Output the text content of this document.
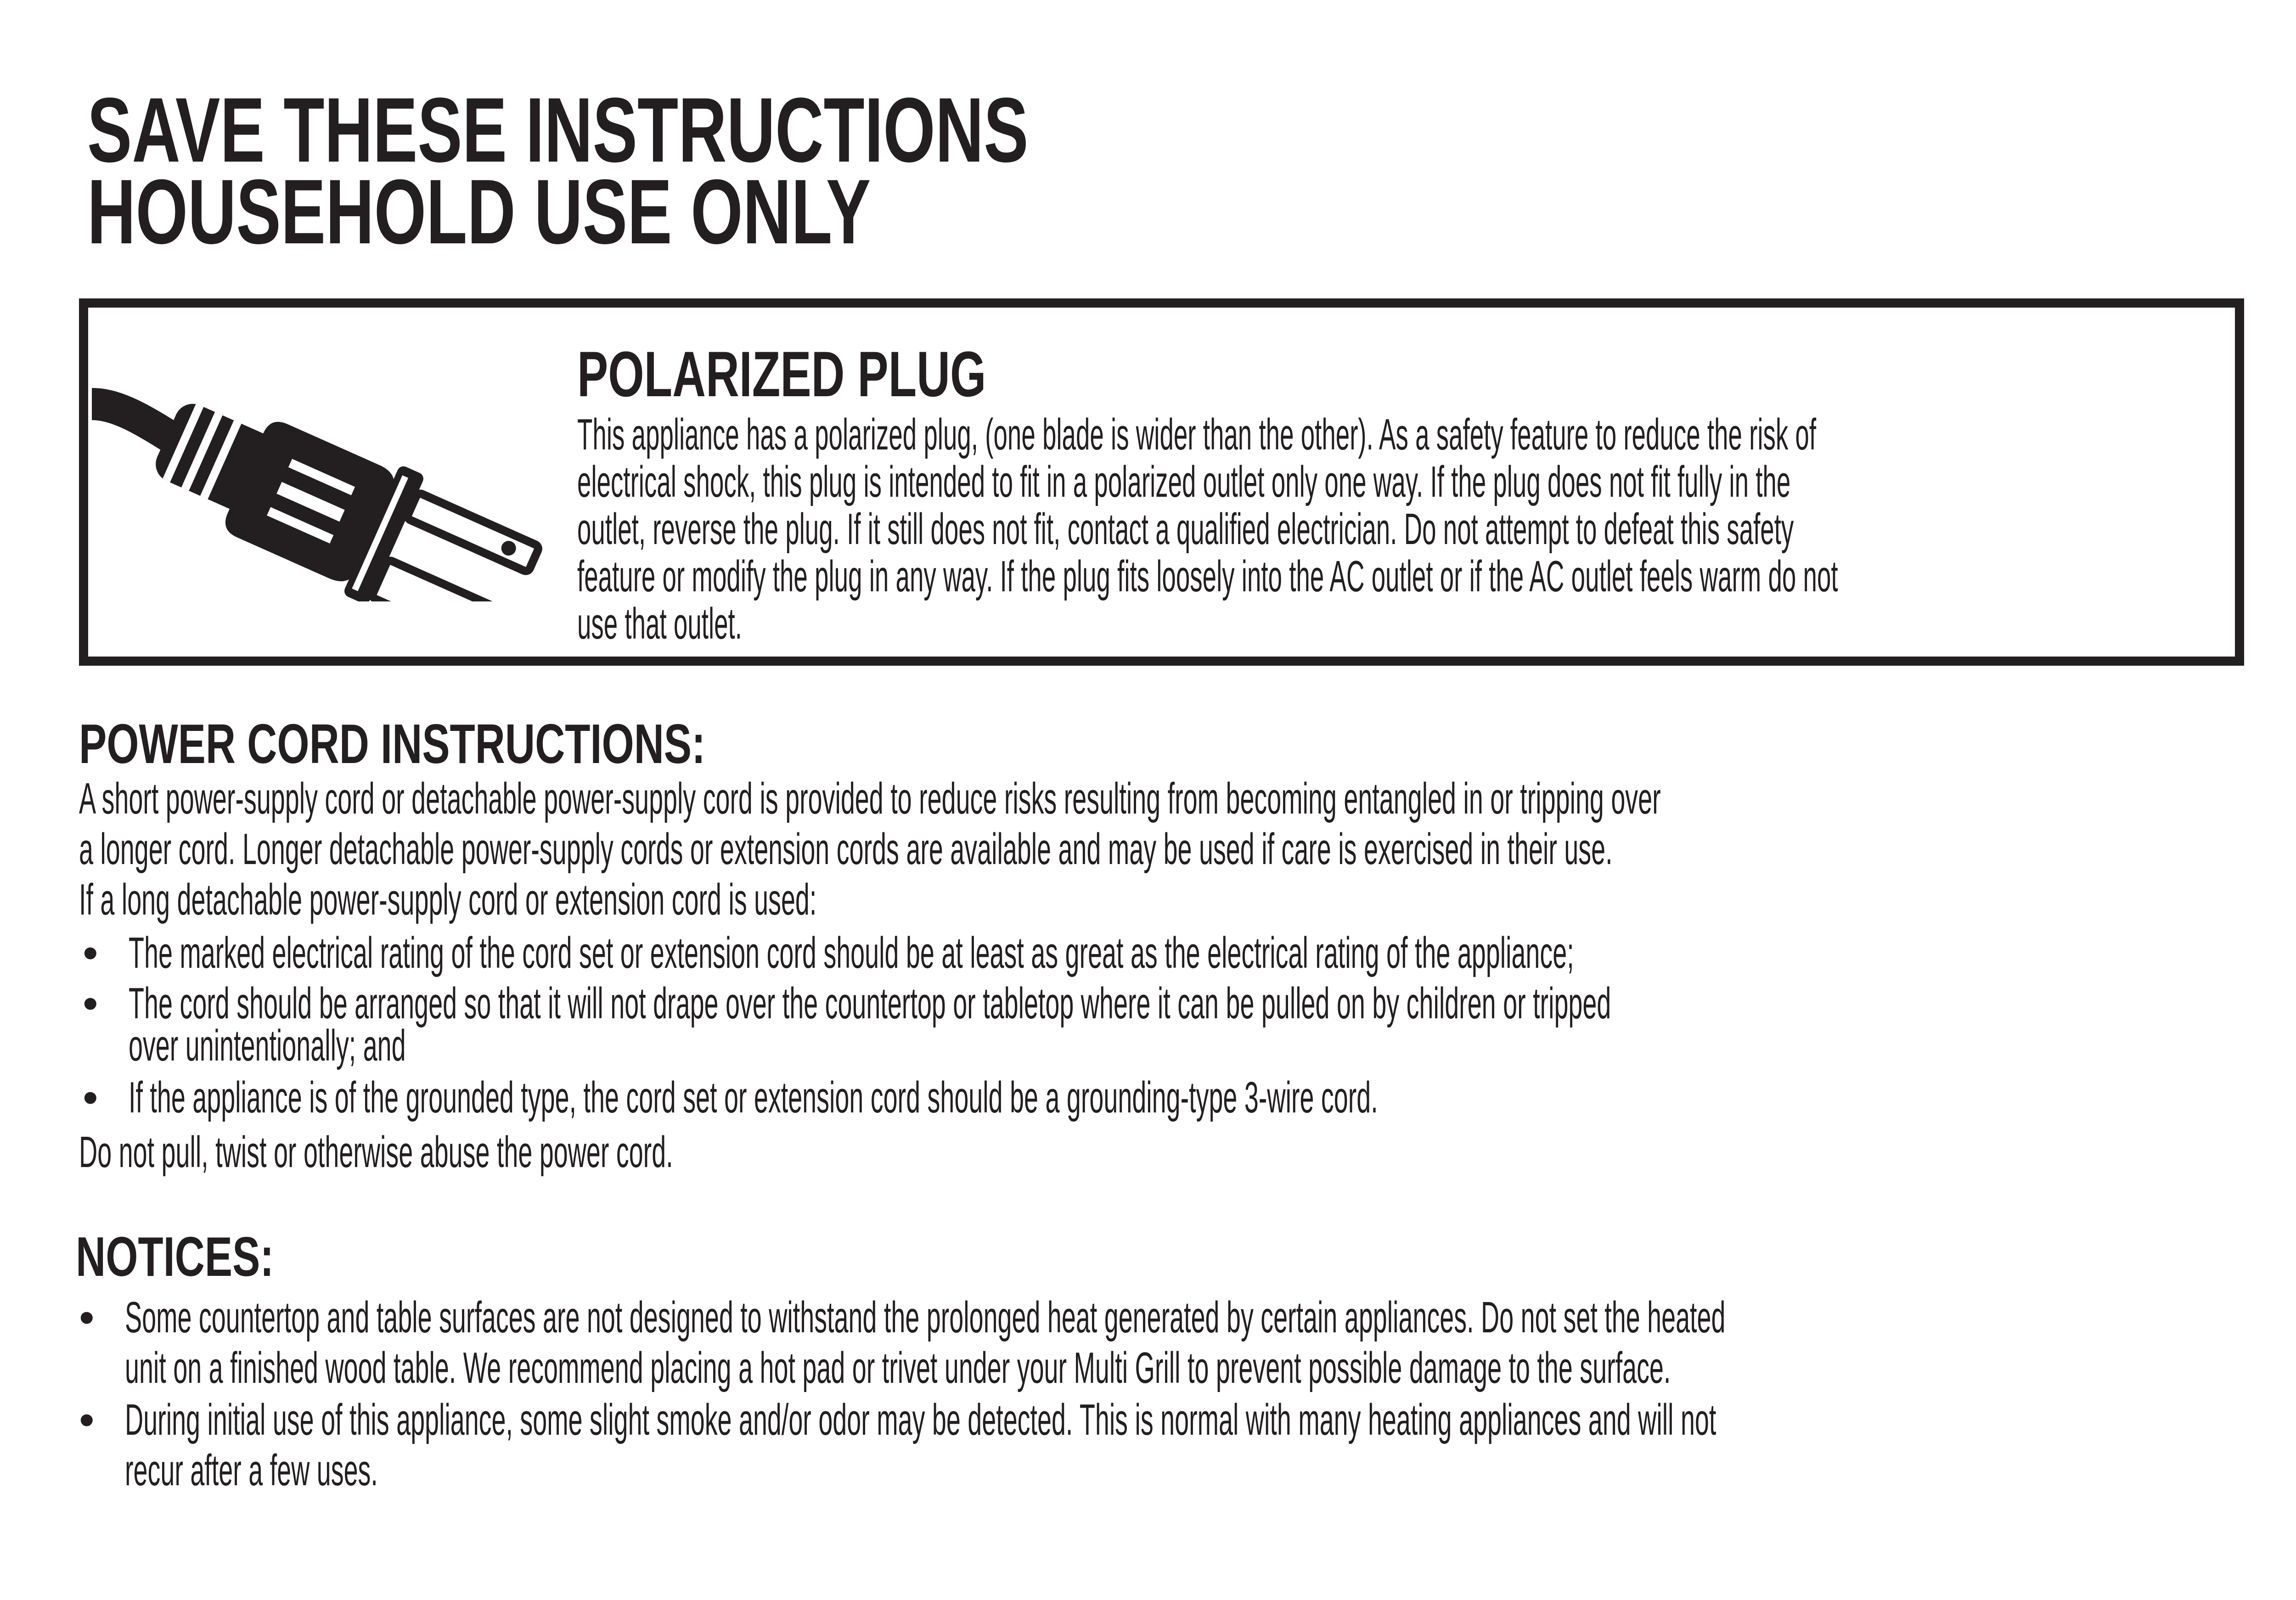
SAVE THESE INSTRUCTIONS
HOUSEHOLD USE ONLY
POLARIZED PLUG
This appliance has a polarized plug, (one blade is wider than the other). As a safety feature to reduce the risk of
electrical shock, this plug is intended to fit in a polarized outlet only one way. If the plug does not fit fully in the
outlet, reverse the plug. If it still does not fit, contact a qualified electrician. Do not attempt to defeat this safety
feature or modify the plug in any way. If the plug fits loosely into the AC outlet or if the AC outlet feels warm do not
use that outlet.
POWER CORD INSTRUCTIONS:

A short power-supply cord or detachable power-supply cord is provided to reduce risks resulting from becoming entangled in or tripping over

a longer cord. Longer detachable power-supply cords or extension cords are available and may be used if care is exercised in their use.

If a long detachable power-supply cord or extension cord is used:

• The marked electrical rating of the cord set or extension cord should be at least as great as the electrical rating of the appliance;
• The cord should be arranged so that it will not drape over the countertop or tabletop where it can be pulled on by children or tripped
over unintentionally; and
• If the appliance is of the grounded type, the cord set or extension cord should be a grounding-type 3-wire cord.

Do not pull, twist or otherwise abuse the power cord.

NOTICES:
• Some countertop and table surfaces are not designed to withstand the prolonged heat generated by certain appliances. Do not set the heated
unit on a finished wood table. We recommend placing a hot pad or trivet under your Multi Grill to prevent possible damage to the surface.
• During initial use of this appliance, some slight smoke and/or odor may be detected. This is normal with many heating appliances and will not
recur after a few uses.
